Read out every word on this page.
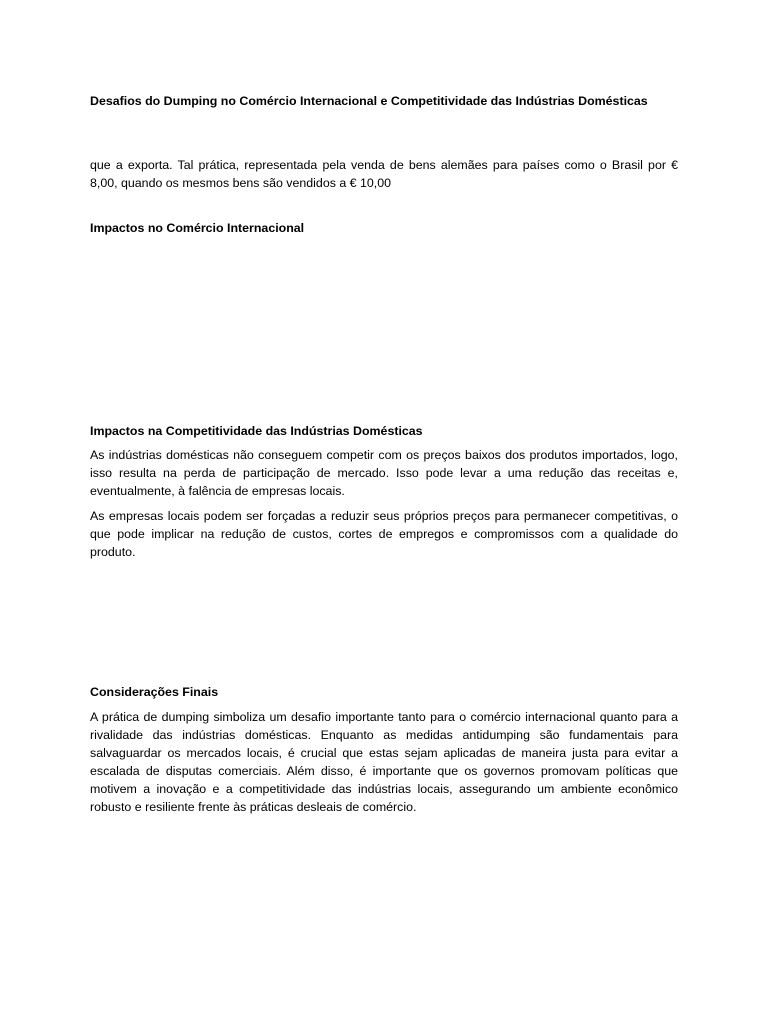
Desafios do Dumping no Comércio Internacional e Competitividade das Indústrias Domésticas

que a exporta. Tal prática, representada pela venda de bens alemães para países como o Brasil por € 8,00, quando os mesmos bens são vendidos a € 10,00

Impactos no Comércio Internacional
Impactos na Competitividade das Indústrias Domésticas

As indústrias domésticas não conseguem competir com os preços baixos dos produtos importados, logo, isso resulta na perda de participação de mercado. Isso pode levar a uma redução das receitas e, eventualmente, à falência de empresas locais.

As empresas locais podem ser forçadas a reduzir seus próprios preços para permanecer competitivas, o que pode implicar na redução de custos, cortes de empregos e compromissos com a qualidade do produto.

Considerações Finais

A prática de dumping simboliza um desafio importante tanto para o comércio internacional quanto para a rivalidade das indústrias domésticas. Enquanto as medidas antidumping são fundamentais para salvaguardar os mercados locais, é crucial que estas sejam aplicadas de maneira justa para evitar a escalada de disputas comerciais. Além disso, é importante que os governos promovam políticas que motivem a inovação e a competitividade das indústrias locais, assegurando um ambiente econômico robusto e resiliente frente às práticas desleais de comércio.
